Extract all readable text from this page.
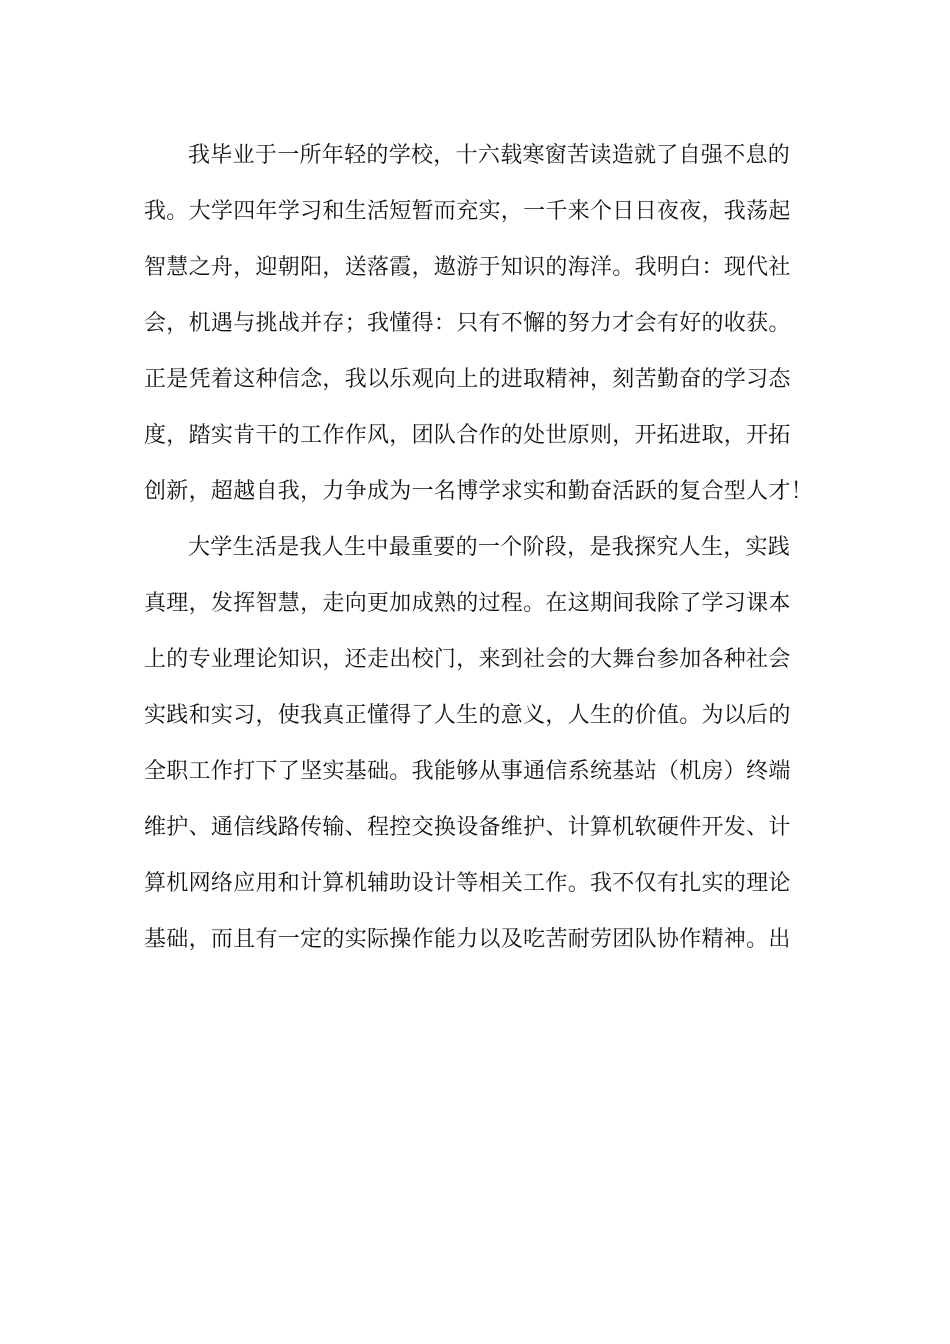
我毕业于一所年轻的学校，十六载寒窗苦读造就了自强不息的
我。大学四年学习和生活短暂而充实，一千来个日日夜夜，我荡起
智慧之舟，迎朝阳，送落霞，遨游于知识的海洋。我明白：现代社
会，机遇与挑战并存；我懂得：只有不懈的努力才会有好的收获。
正是凭着这种信念，我以乐观向上的进取精神，刻苦勤奋的学习态
度，踏实肯干的工作作风，团队合作的处世原则，开拓进取，开拓
创新，超越自我，力争成为一名博学求实和勤奋活跃的复合型人才！
大学生活是我人生中最重要的一个阶段，是我探究人生，实践
真理，发挥智慧，走向更加成熟的过程。在这期间我除了学习课本
上的专业理论知识，还走出校门，来到社会的大舞台参加各种社会
实践和实习，使我真正懂得了人生的意义，人生的价值。为以后的
全职工作打下了坚实基础。我能够从事通信系统基站（机房）终端
维护、通信线路传输、程控交换设备维护、计算机软硬件开发、计
算机网络应用和计算机辅助设计等相关工作。我不仅有扎实的理论
基础，而且有一定的实际操作能力以及吃苦耐劳团队协作精神。出
